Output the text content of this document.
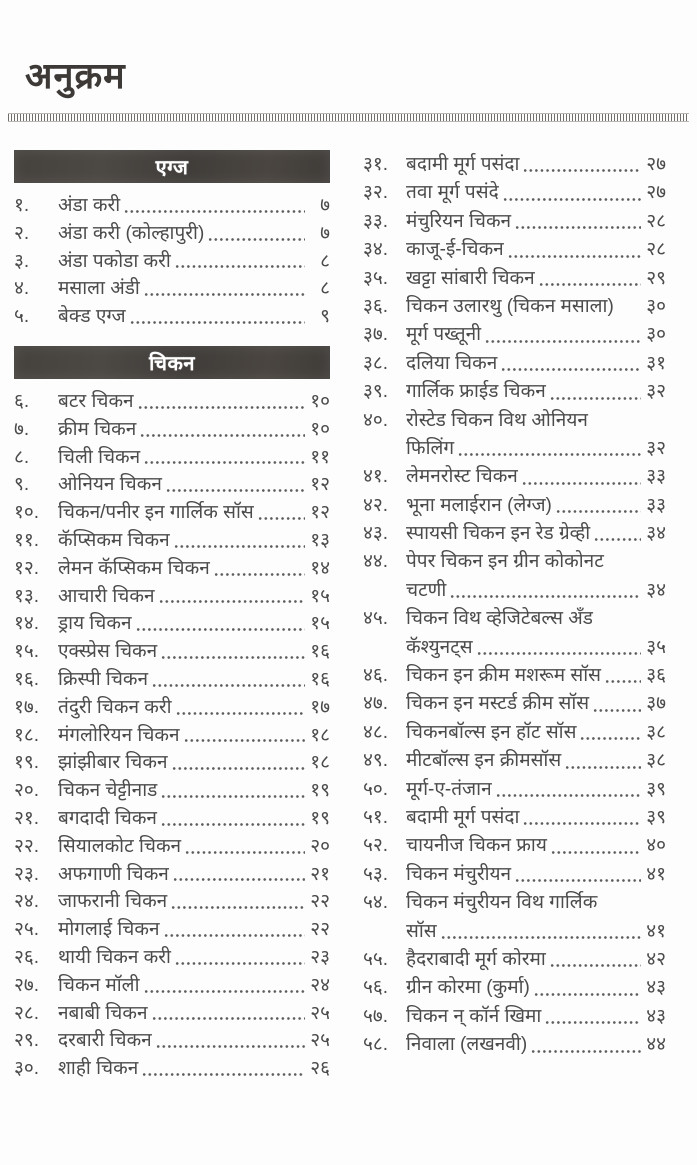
अनुक्रम
एग्ज
१.	अंडा करी	७
२.	अंडा करी (कोल्हापुरी)	७
३.	अंडा पकोडा करी	८
४.	मसाला अंडी	८
५.	बेक्ड एग्ज	९
चिकन
६.	बटर चिकन	१०
७.	क्रीम चिकन	१०
८.	चिली चिकन	११
९.	ओनियन चिकन	१२
१०. चिकन/पनीर इन गार्लिक सॉस	१२
११. कॅप्सिकम चिकन	१३
१२. लेमन कॅप्सिकम चिकन	१४
१३. आचारी चिकन	१५
१४. ड्राय चिकन	१५
१५. एक्स्प्रेस चिकन	१६
१६. क्रिस्पी चिकन	१६
१७. तंदुरी चिकन करी	१७
१८. मंगलोरियन चिकन	१८
१९. झांझीबार चिकन	१८
२०. चिकन चेट्टीनाड	१९
२१. बगदादी चिकन	१९
२२. सियालकोट चिकन	२०
२३. अफगाणी चिकन	२१
२४. जाफरानी चिकन	२२
२५. मोगलाई चिकन	२२
२६. थायी चिकन करी	२३
२७. चिकन मॉली	२४
२८. नबाबी चिकन	२५
२९. दरबारी चिकन	२५
३०. शाही चिकन	२६
३१. बदामी मूर्ग पसंदा	२७
३२. तवा मूर्ग पसंदे	२७
३३. मंचुरियन चिकन	२८
३४. काजू-ई-चिकन	२८
३५. खट्टा सांबारी चिकन	२९
३६. चिकन उलारथु (चिकन मसाला) ३०
३७. मूर्ग पख्तूनी	३०
३८. दलिया चिकन	३१
३९. गार्लिक फ्राईड चिकन	३२
४०. रोस्टेड चिकन विथ ओनियन
फिलिंग	३२
४१. लेमनरोस्ट चिकन	३३
४२. भूना मलाईरान (लेग्ज)	३३
४३. स्पायसी चिकन इन रेड ग्रेव्ही	३४
४४. पेपर चिकन इन ग्रीन कोकोनट
चटणी	३४
४५. चिकन विथ व्हेजिटेबल्स अँड
कॅश्युनट्स	३५
४६. चिकन इन क्रीम मशरूम सॉस ३६
४७. चिकन इन मस्टर्ड क्रीम सॉस	३७
४८. चिकनबॉल्स इन हॉट सॉस	३८
४९. मीटबॉल्स इन क्रीमसॉस	३८
५०. मूर्ग-ए-तंजान	३९
५१. बदामी मूर्ग पसंदा	३९
५२. चायनीज चिकन फ्राय	४०
५३. चिकन मंचुरीयन	४१
५४. चिकन मंचुरीयन विथ गार्लिक
सॉस	४१
५५. हैदराबादी मूर्ग कोरमा	४२
५६. ग्रीन कोरमा (कुर्मा)	४३
५७. चिकन न् कॉर्न खिमा	४३
५८. निवाला (लखनवी)	४४
